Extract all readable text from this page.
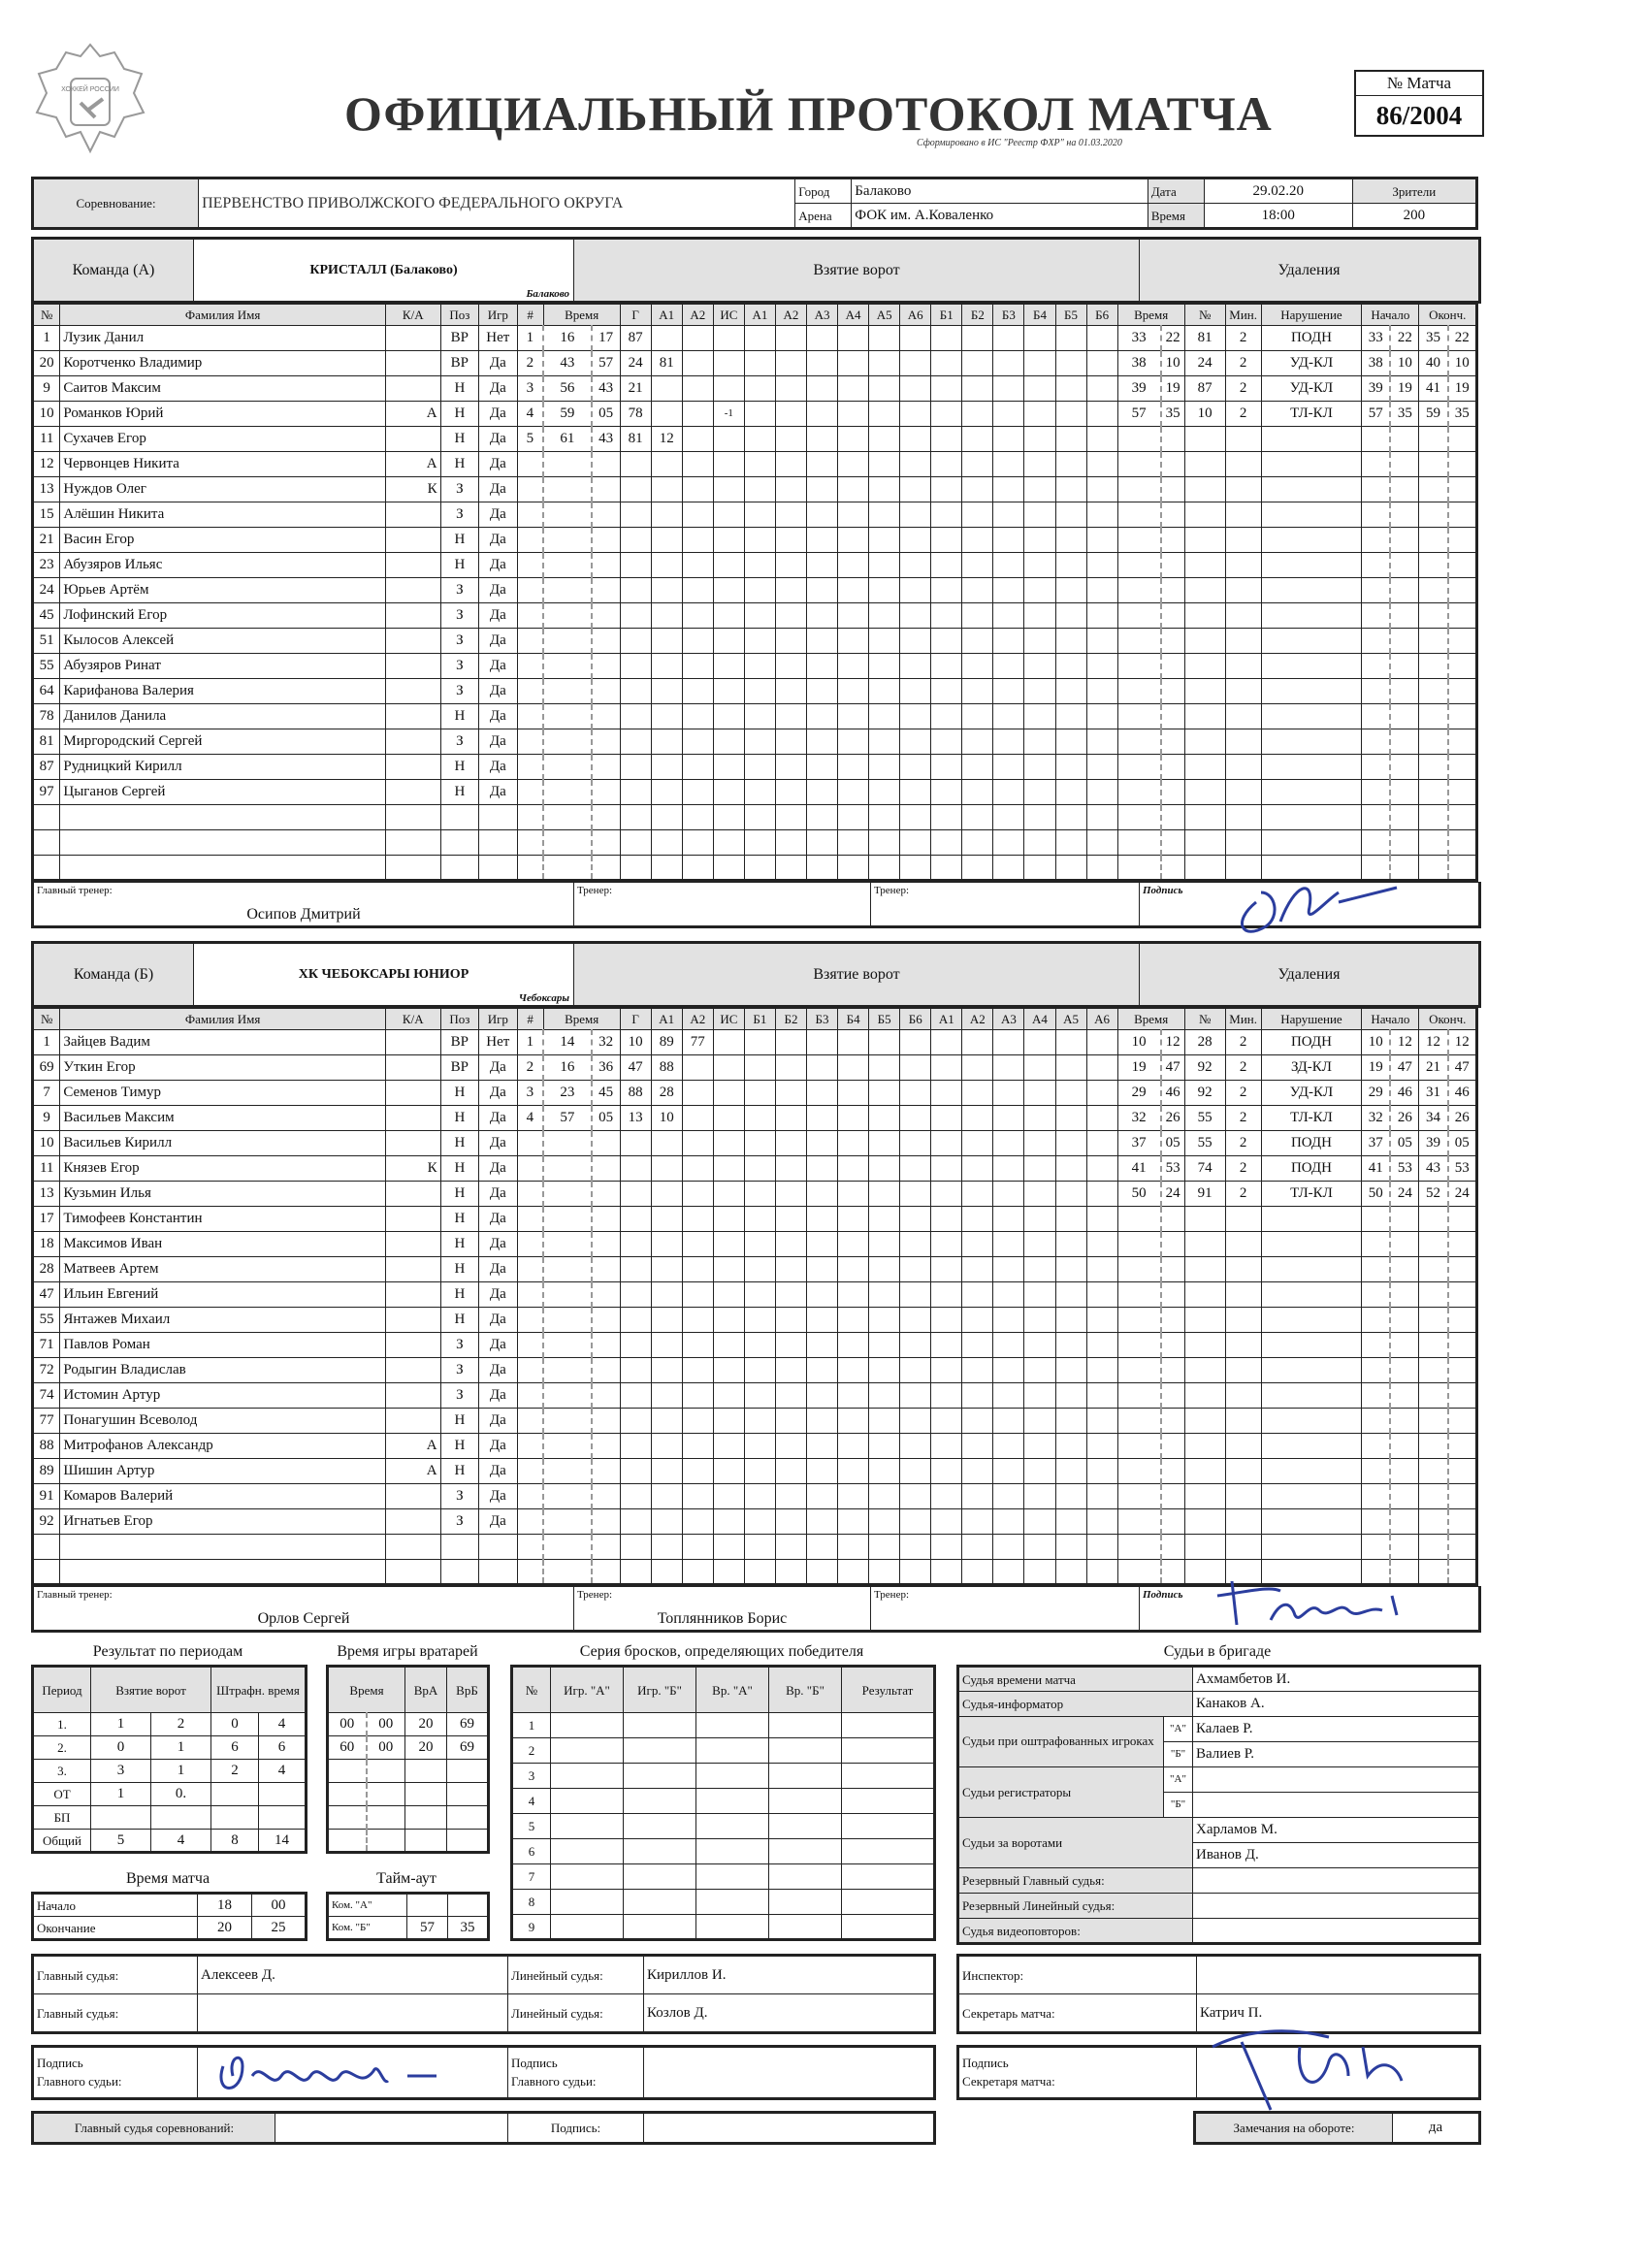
ХОККЕЙ РОССИИ	ОФИЦИАЛЬНЫЙ ПРОТОКОЛ МАТЧА
Сформировано в ИС "Реестр ФХР" на 01.03.2020
№ Матча
86/2004
Соревнование:	ПЕРВЕНСТВО ПРИВОЛЖСКОГО ФЕДЕРАЛЬНОГО ОКРУГА	Город	Балаково	Дата	29.02.20	Зрители
		Арена	ФОК им. А.Коваленко	Время	18:00	200
Команда (А)	КРИСТАЛЛ (Балаково)
Балаково
	Взятие ворот	Удаления
№	Фамилия Имя	К/А	Поз	Игр	#	Время		Г	А1	А2	ИС	А1	А2	А3	А4	А5	А6	Б1	Б2	Б3	Б4	Б5	Б6	Время		№	Мин.	Нарушение	Начало		Оконч.	
1	Лузик Данил		ВР	Нет	1	16	17	87																33	22	81	2	ПОДН	33	22	35	22
20	Коротченко Владимир		ВР	Да	2	43	57	24	81															38	10	24	2	УД-КЛ	38	10	40	10
9	Саитов Максим		Н	Да	3	56	43	21																39	19	87	2	УД-КЛ	39	19	41	19
10	Романков Юрий	А	Н	Да	4	59	05	78			-1													57	35	10	2	ТЛ-КЛ	57	35	59	35
11	Сухачев Егор		Н	Да	5	61	43	81	12																							
12	Червонцев Никита	А	Н	Да																												
13	Нуждов Олег	К	З	Да																												
15	Алёшин Никита		З	Да																												
21	Васин Егор		Н	Да																												
23	Абузяров Ильяс		Н	Да																												
24	Юрьев Артём		З	Да																												
45	Лофинский Егор		З	Да																												
51	Кылосов Алексей		З	Да																												
55	Абузяров Ринат		З	Да																												
64	Карифанова Валерия		З	Да																												
78	Данилов Данила		Н	Да																												
81	Миргородский Сергей		З	Да																												
87	Рудницкий Кирилл		Н	Да																												
97	Цыганов Сергей		Н	Да																												

Главный тренер:
Осипов Дмитрий

Тренер:	Тренер:	Подпись
Команда (Б)	ХК ЧЕБОКСАРЫ ЮНИОР
Чебоксары
	Взятие ворот	Удаления
№	Фамилия Имя	К/А	Поз	Игр	#	Время		Г	А1	А2	ИС	Б1	Б2	Б3	Б4	Б5	Б6	А1	А2	А3	А4	А5	А6	Время		№	Мин.	Нарушение	Начало		Оконч.	
1	Зайцев Вадим		ВР	Нет	1	14	32	10	89	77														10	12	28	2	ПОДН	10	12	12	12
69	Уткин Егор		ВР	Да	2	16	36	47	88															19	47	92	2	ЗД-КЛ	19	47	21	47
7	Семенов Тимур		Н	Да	3	23	45	88	28															29	46	92	2	УД-КЛ	29	46	31	46
9	Васильев Максим		Н	Да	4	57	05	13	10															32	26	55	2	ТЛ-КЛ	32	26	34	26
10	Васильев Кирилл		Н	Да																				37	05	55	2	ПОДН	37	05	39	05
11	Князев Егор	К	Н	Да																				41	53	74	2	ПОДН	41	53	43	53
13	Кузьмин Илья		Н	Да																				50	24	91	2	ТЛ-КЛ	50	24	52	24
17	Тимофеев Константин		Н	Да																												
18	Максимов Иван		Н	Да																												
28	Матвеев Артем		Н	Да																												
47	Ильин Евгений		Н	Да																												
55	Янтажев Михаил		Н	Да																												
71	Павлов Роман		З	Да																												
72	Родыгин Владислав		З	Да																												
74	Истомин Артур		З	Да																												
77	Понагушин Всеволод		Н	Да																												
88	Митрофанов Александр	А	Н	Да																												
89	Шишин Артур	А	Н	Да																												
91	Комаров Валерий		З	Да																												
92	Игнатьев Егор		З	Да																												

Главный тренер:
Орлов Сергей

Тренер:
Топлянников Борис

Тренер:	Подпись
Результат по периодам
Период	Взятие ворот		Штрафн. время	
1.	1	2	0	4
2.	0	1	6	6
3.	3	1	2	4
ОТ	1	0.		
БП				
Общий	5	4	8	14
Время игры вратарей
Время		ВрА	ВрБ
00	00	20	69
60	00	20	69

Время матча
Начало	18	00
Окончание	20	25
Тайм-аут
Ком. "А"		
Ком. "Б"	57	35
Серия бросков, определяющих победителя
№	Игр. "А"	Игр. "Б"	Вр. "А"	Вр. "Б"	Результат
1					
2					
3					
4					
5					
6					
7					
8					
9					
Судьи в бригаде
Судья времени матча		Ахмамбетов И.
Судья-информатор		Канаков А.
Судьи при оштрафованных игроках	"А"	Калаев Р.
	"Б"	Валиев Р.
Судьи регистраторы	"А"	
	"Б"	
Судьи за воротами		Харламов М.
		Иванов Д.
Резервный Главный судья:		
Резервный Линейный судья:		
Судья видеоповторов:		
Главный судья:	Алексеев Д.	Линейный судья:	Кириллов И.
Главный судья:		Линейный судья:	Козлов Д.
Инспектор:	
Секретарь матча:	Катрич П.
Подпись
Главного судьи:

Подпись
Главного судьи:

Подпись
Секретаря матча:

Главный судья соревнований:		Подпись:		Замечания на обороте:	да
